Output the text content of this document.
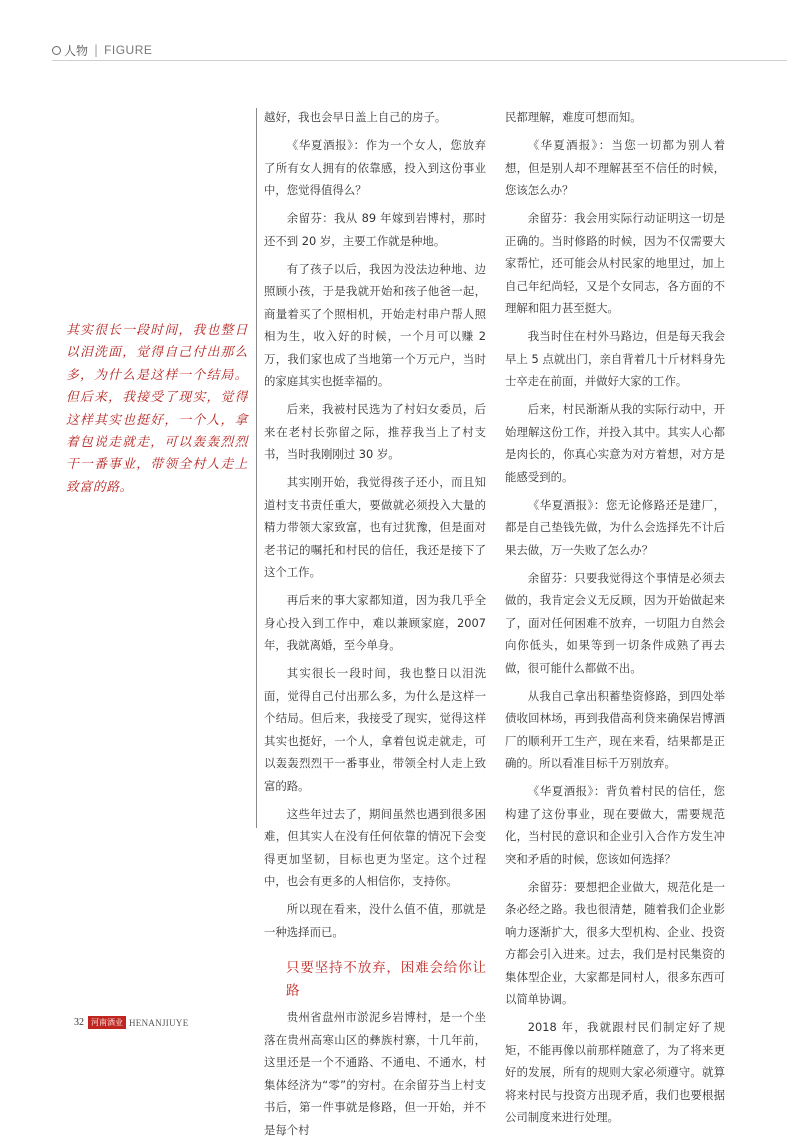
人物 | FIGURE
其实很长一段时间，我也整日以泪洗面，觉得自己付出那么多，为什么是这样一个结局。但后来，我接受了现实，觉得这样其实也挺好，一个人，拿着包说走就走，可以轰轰烈烈干一番事业，带领全村人走上致富的路。

越好，我也会早日盖上自己的房子。

《华夏酒报》：作为一个女人，您放弃了所有女人拥有的依靠感，投入到这份事业中，您觉得值得么？

余留芬：我从 89 年嫁到岩博村，那时还不到 20 岁，主要工作就是种地。

有了孩子以后，我因为没法边种地、边照顾小孩，于是我就开始和孩子他爸一起，商量着买了个照相机，开始走村串户帮人照相为生，收入好的时候，一个月可以赚 2 万，我们家也成了当地第一个万元户，当时的家庭其实也挺幸福的。

后来，我被村民选为了村妇女委员，后来在老村长弥留之际，推荐我当上了村支书，当时我刚刚过 30 岁。

其实刚开始，我觉得孩子还小，而且知道村支书责任重大，要做就必须投入大量的精力带领大家致富，也有过犹豫，但是面对老书记的嘱托和村民的信任，我还是接下了这个工作。

再后来的事大家都知道，因为我几乎全身心投入到工作中，难以兼顾家庭，2007 年，我就离婚，至今单身。

其实很长一段时间，我也整日以泪洗面，觉得自己付出那么多，为什么是这样一个结局。但后来，我接受了现实，觉得这样其实也挺好，一个人，拿着包说走就走，可以轰轰烈烈干一番事业，带领全村人走上致富的路。

这些年过去了，期间虽然也遇到很多困难，但其实人在没有任何依靠的情况下会变得更加坚韧，目标也更为坚定。这个过程中，也会有更多的人相信你，支持你。

所以现在看来，没什么值不值，那就是一种选择而已。

只要坚持不放弃，困难会给你让路

贵州省盘州市淤泥乡岩博村，是一个坐落在贵州高寒山区的彝族村寨，十几年前，这里还是一个不通路、不通电、不通水，村集体经济为“零”的穷村。在余留芬当上村支书后，第一件事就是修路，但一开始，并不是每个村

民都理解，难度可想而知。

《华夏酒报》：当您一切都为别人着想，但是别人却不理解甚至不信任的时候，您该怎么办？

余留芬：我会用实际行动证明这一切是正确的。当时修路的时候，因为不仅需要大家帮忙，还可能会从村民家的地里过，加上自己年纪尚轻，又是个女同志，各方面的不理解和阻力甚至挺大。

我当时住在村外马路边，但是每天我会早上 5 点就出门，亲自背着几十斤材料身先士卒走在前面，并做好大家的工作。

后来，村民渐渐从我的实际行动中，开始理解这份工作，并投入其中。其实人心都是肉长的，你真心实意为对方着想，对方是能感受到的。

《华夏酒报》：您无论修路还是建厂，都是自己垫钱先做，为什么会选择先不计后果去做，万一失败了怎么办？

余留芬：只要我觉得这个事情是必须去做的，我肯定会义无反顾，因为开始做起来了，面对任何困难不放弃，一切阻力自然会向你低头，如果等到一切条件成熟了再去做，很可能什么都做不出。

从我自己拿出积蓄垫资修路，到四处举债收回林场，再到我借高利贷来确保岩博酒厂的顺利开工生产，现在来看，结果都是正确的。所以看准目标千万别放弃。

《华夏酒报》：背负着村民的信任，您构建了这份事业，现在要做大，需要规范化，当村民的意识和企业引入合作方发生冲突和矛盾的时候，您该如何选择？

余留芬：要想把企业做大，规范化是一条必经之路。我也很清楚，随着我们企业影响力逐渐扩大，很多大型机构、企业、投资方都会引入进来。过去，我们是村民集资的集体型企业，大家都是同村人，很多东西可以简单协调。

2018 年，我就跟村民们制定好了规矩，不能再像以前那样随意了，为了将来更好的发展，所有的规则大家必须遵守。就算将来村民与投资方出现矛盾，我们也要根据公司制度来进行处理。

32 河南酒业 HENANJIUYE
